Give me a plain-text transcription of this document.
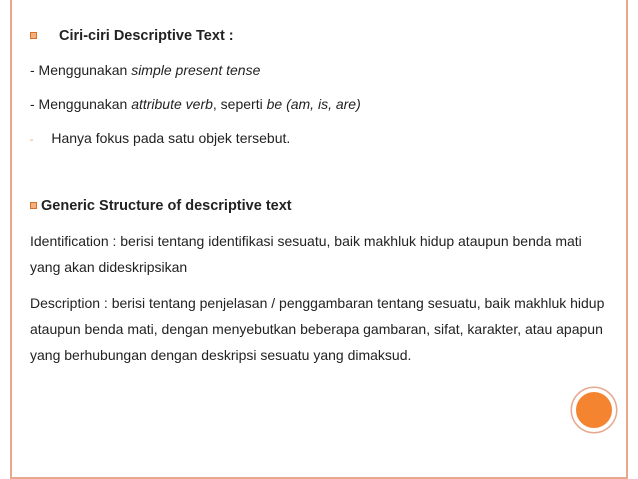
Ciri-ciri Descriptive Text :
- Menggunakan simple present tense
- Menggunakan attribute verb, seperti be (am, is, are)
- Hanya fokus pada satu objek tersebut.
Generic Structure of descriptive text
Identification : berisi tentang identifikasi sesuatu, baik makhluk hidup ataupun benda mati yang akan dideskripsikan
Description : berisi tentang penjelasan / penggambaran tentang sesuatu, baik makhluk hidup ataupun benda mati, dengan menyebutkan beberapa gambaran, sifat, karakter, atau apapun yang berhubungan dengan deskripsi sesuatu yang dimaksud.
